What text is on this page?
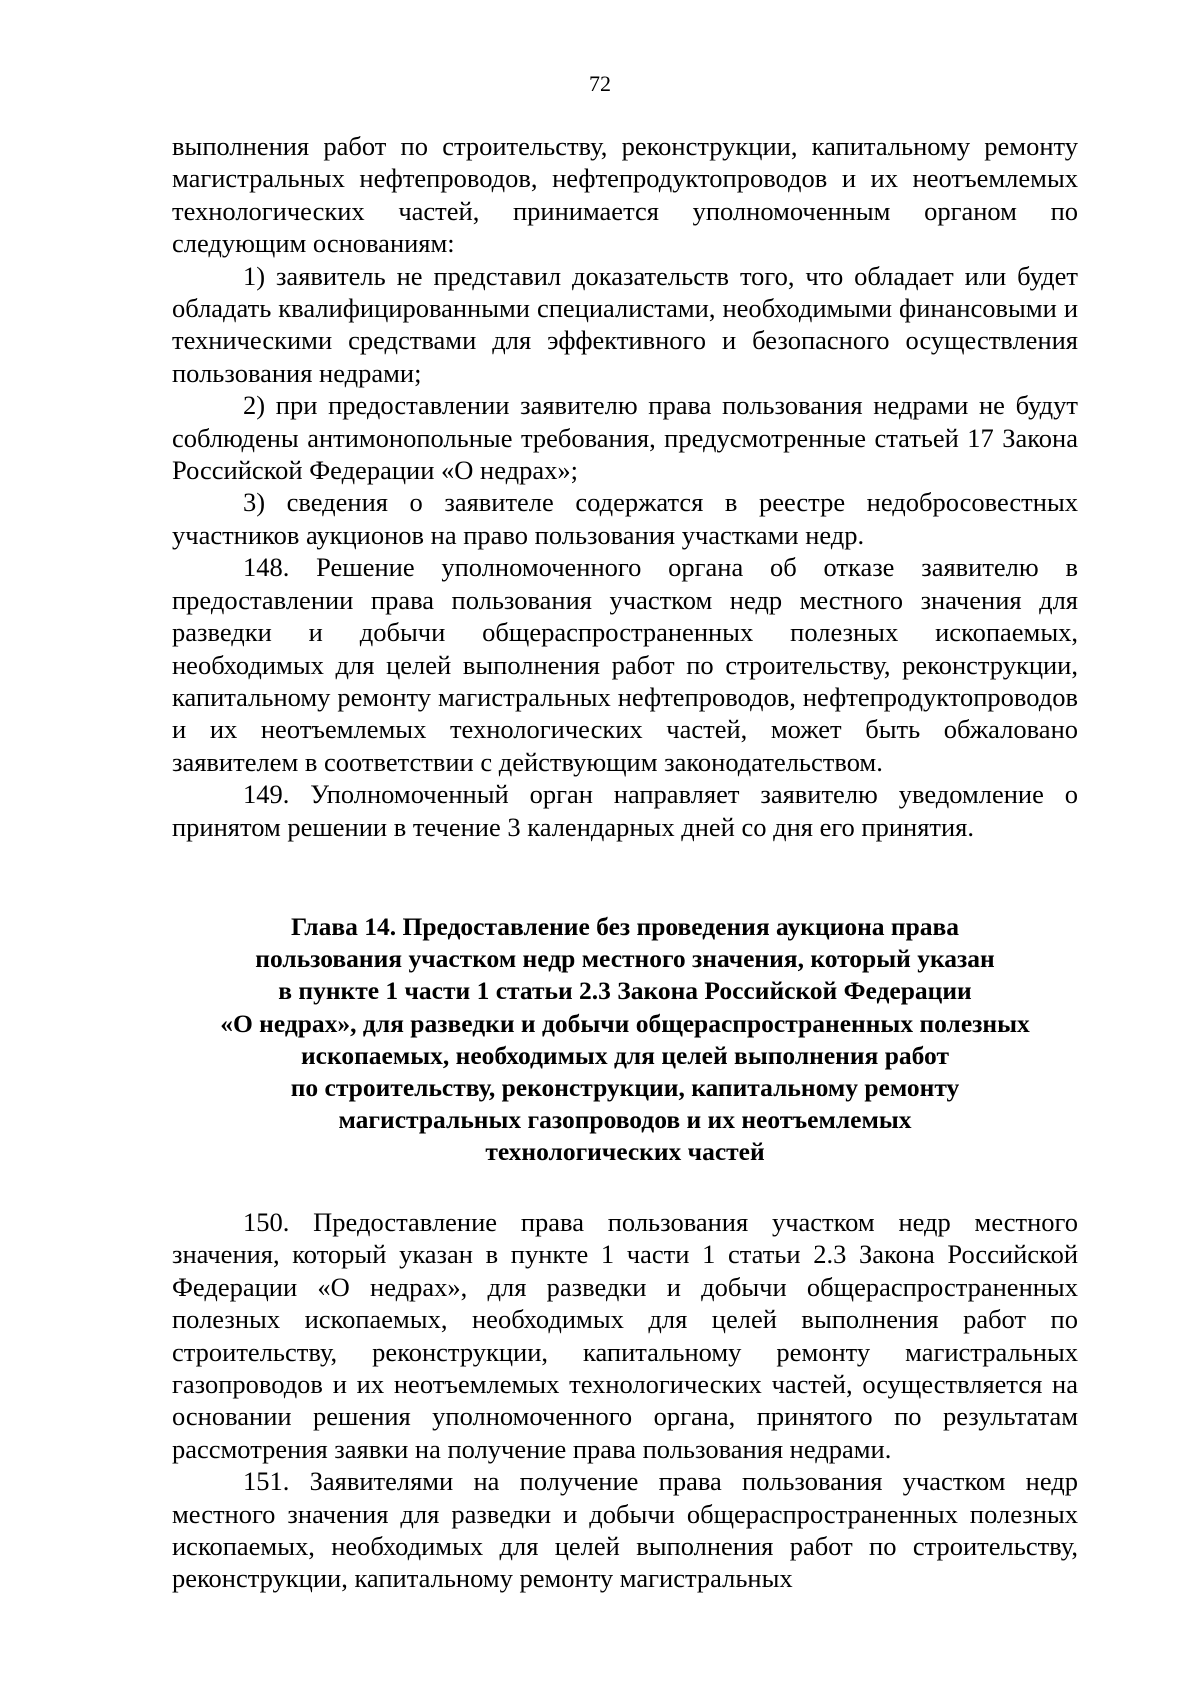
72

выполнения работ по строительству, реконструкции, капитальному ремонту магистральных нефтепроводов, нефтепродуктопроводов и их неотъемлемых технологических частей, принимается уполномоченным органом по следующим основаниям:

1) заявитель не представил доказательств того, что обладает или будет обладать квалифицированными специалистами, необходимыми финансовыми и техническими средствами для эффективного и безопасного осуществления пользования недрами;

2) при предоставлении заявителю права пользования недрами не будут соблюдены антимонопольные требования, предусмотренные статьей 17 Закона Российской Федерации «О недрах»;

3) сведения о заявителе содержатся в реестре недобросовестных участников аукционов на право пользования участками недр.

148. Решение уполномоченного органа об отказе заявителю в предоставлении права пользования участком недр местного значения для разведки и добычи общераспространенных полезных ископаемых, необходимых для целей выполнения работ по строительству, реконструкции, капитальному ремонту магистральных нефтепроводов, нефтепродуктопроводов и их неотъемлемых технологических частей, может быть обжаловано заявителем в соответствии с действующим законодательством.

149. Уполномоченный орган направляет заявителю уведомление о принятом решении в течение 3 календарных дней со дня его принятия.

Глава 14. Предоставление без проведения аукциона права
пользования участком недр местного значения, который указан
в пункте 1 части 1 статьи 2.3 Закона Российской Федерации
«О недрах», для разведки и добычи общераспространенных полезных
ископаемых, необходимых для целей выполнения работ
по строительству, реконструкции, капитальному ремонту
магистральных газопроводов и их неотъемлемых
технологических частей

150. Предоставление права пользования участком недр местного значения, который указан в пункте 1 части 1 статьи 2.3 Закона Российской Федерации «О недрах», для разведки и добычи общераспространенных полезных ископаемых, необходимых для целей выполнения работ по строительству, реконструкции, капитальному ремонту магистральных газопроводов и их неотъемлемых технологических частей, осуществляется на основании решения уполномоченного органа, принятого по результатам рассмотрения заявки на получение права пользования недрами.

151. Заявителями на получение права пользования участком недр местного значения для разведки и добычи общераспространенных полезных ископаемых, необходимых для целей выполнения работ по строительству, реконструкции, капитальному ремонту магистральных
